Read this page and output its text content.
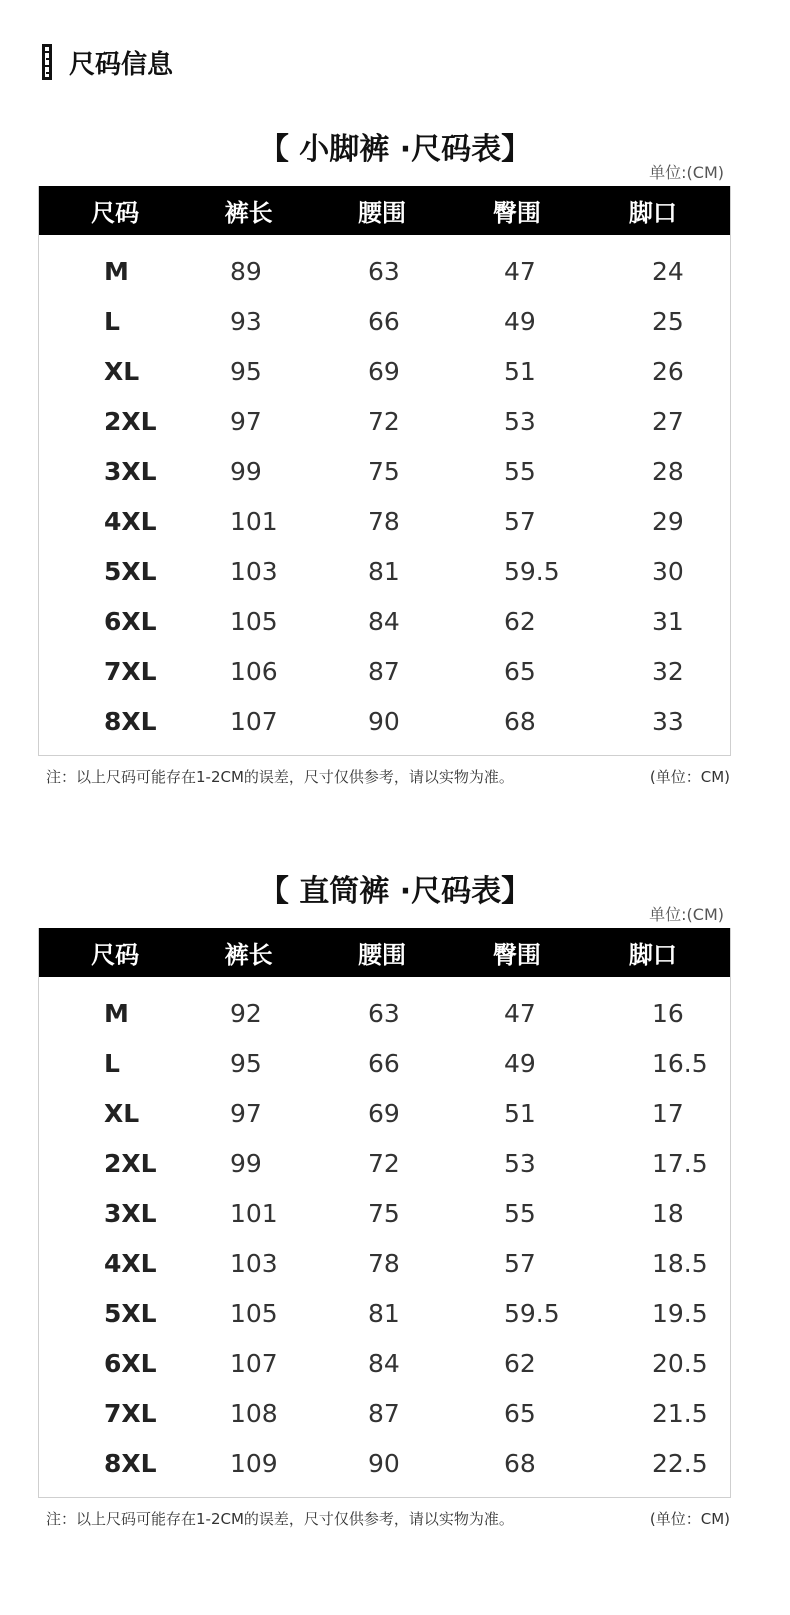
尺码信息
【 小脚裤 ·尺码表】
单位:(CM)
尺码	裤长	腰围	臀围	脚口
M	89	63	47	24
L	93	66	49	25
XL	95	69	51	26
2XL	97	72	53	27
3XL	99	75	55	28
4XL	101	78	57	29
5XL	103	81	59.5	30
6XL	105	84	62	31
7XL	106	87	65	32
8XL	107	90	68	33
注：以上尺码可能存在1-2CM的误差，尺寸仅供参考，请以实物为准。	(单位：CM)
【 直筒裤 ·尺码表】
单位:(CM)
尺码	裤长	腰围	臀围	脚口
M	92	63	47	16
L	95	66	49	16.5
XL	97	69	51	17
2XL	99	72	53	17.5
3XL	101	75	55	18
4XL	103	78	57	18.5
5XL	105	81	59.5	19.5
6XL	107	84	62	20.5
7XL	108	87	65	21.5
8XL	109	90	68	22.5
注：以上尺码可能存在1-2CM的误差，尺寸仅供参考，请以实物为准。	(单位：CM)
